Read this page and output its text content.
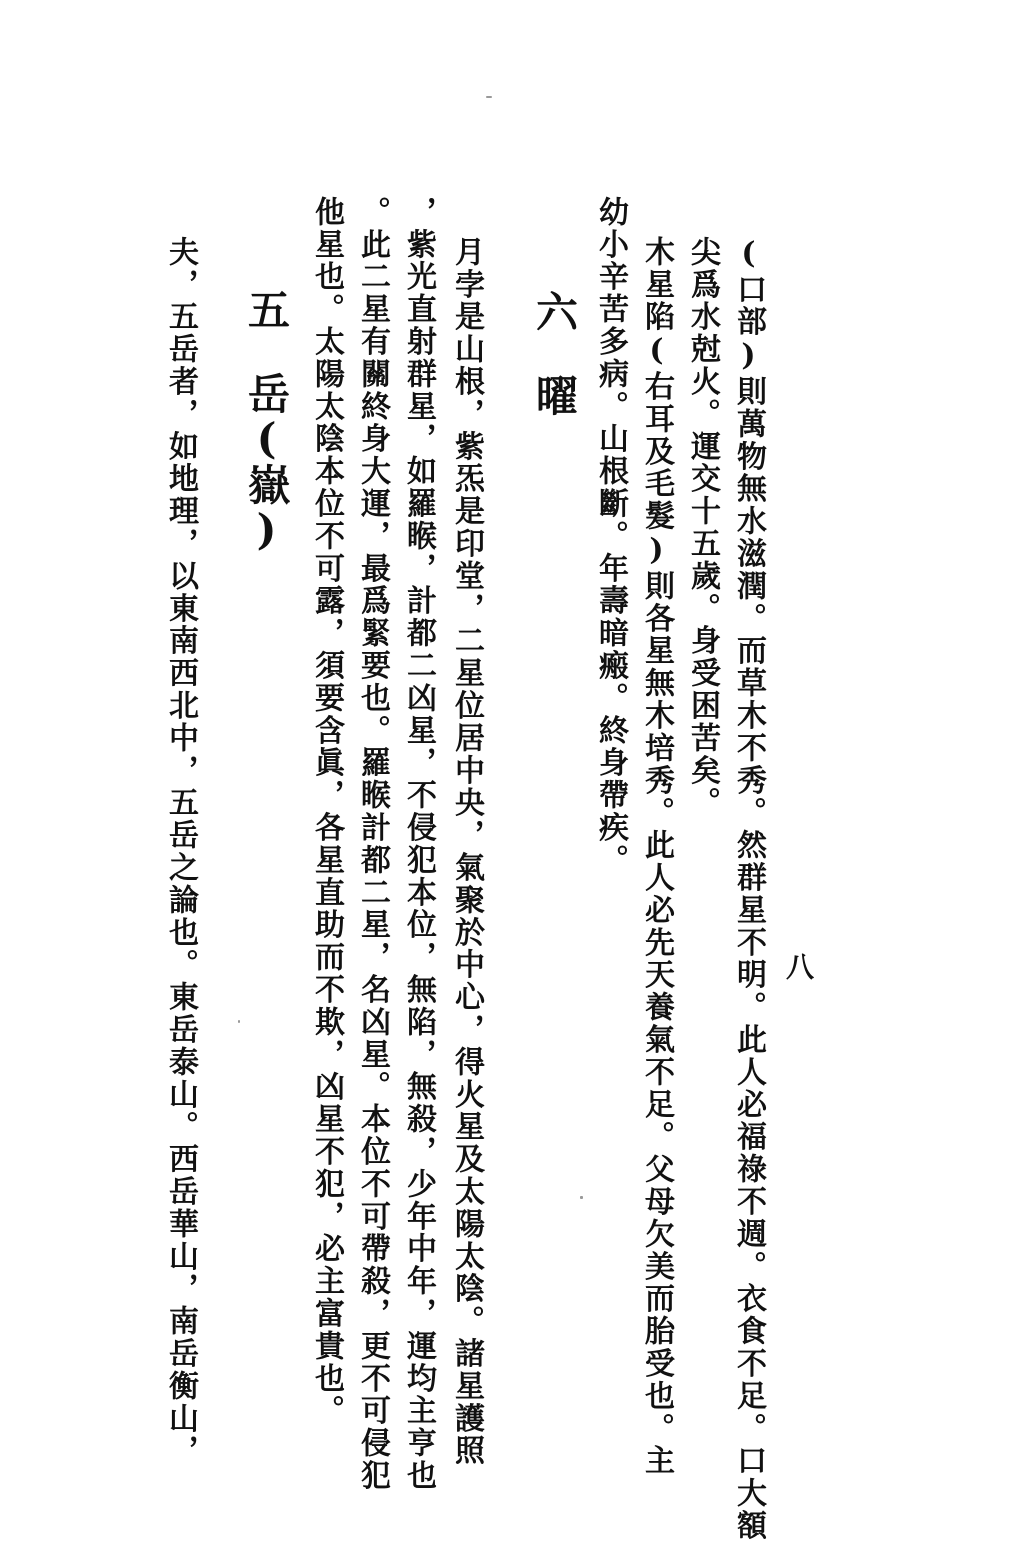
八
(口部)則萬物無水滋潤。而草木不秀。然群星不明。此人必福祿不週。衣食不足。口大額
尖爲水尅火。運交十五歲。身受困苦矣。
木星陷(右耳及毛髮)則各星無木培秀。此人必先天養氣不足。父母欠美而胎受也。主
幼小辛苦多病。山根斷。年壽暗瘢。終身帶疾。
六　曜
月孛是山根，紫炁是印堂，二星位居中央，氣聚於中心，得火星及太陽太陰。諸星護照
，紫光直射群星，如羅睺，計都二凶星，不侵犯本位，無陷，無殺，少年中年，運均主亨也
。此二星有關終身大運，最爲緊要也。羅睺計都二星，名凶星。本位不可帶殺，更不可侵犯
他星也。太陽太陰本位不可露，須要含眞，各星直助而不欺，凶星不犯，必主富貴也。
五　岳(嶽)
夫，五岳者，如地理，以東南西北中，五岳之論也。東岳泰山。西岳華山，南岳衡山，
